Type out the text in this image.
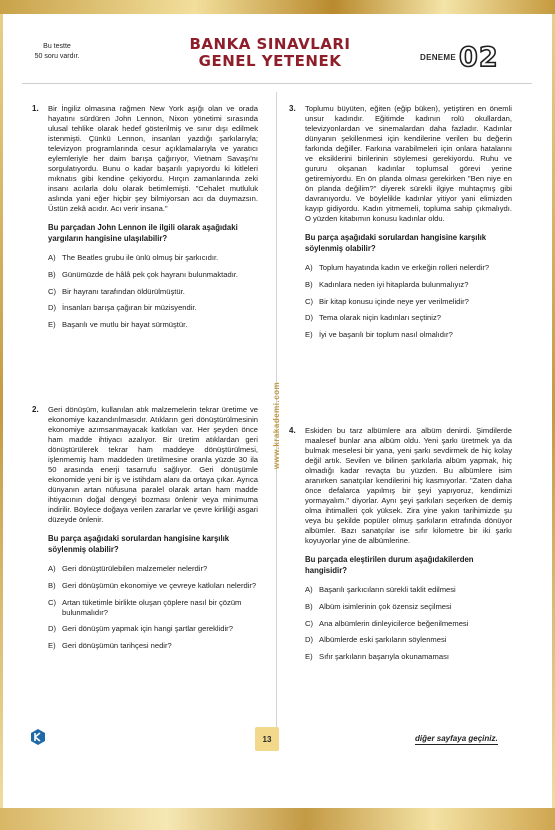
Bu testte
50 soru vardır.
BANKA SINAVLARI
GENEL YETENEK	DENEME 02
www.krakademi.com
1. Bir İngiliz olmasına rağmen New York aşığı olan ve orada hayatını sürdüren John Lennon, Nixon yönetimi sırasında ulusal tehlike olarak hedef gösterilmiş ve sınır dışı edilmek istenmişti. Çünkü Lennon, insanları yazdığı şarkılarıyla; televizyon programlarında cesur açıklamalarıyla ve yaratıcı eylemleriyle her daim barışa çağırıyor, Vietnam Savaşı'nı sorgulatıyordu. Bunu o kadar başarılı yapıyordu ki kitleleri mıknatıs gibi kendine çekiyordu. Hırçın zamanlarında zeki insanı acılarla dolu olarak betimlemişti. "Cehalet mutluluk aslında yani eğer hiçbir şey bilmiyorsan acı da duymazsın. Üstün zekâ acıdır. Acı verir insana."
Bu parçadan John Lennon ile ilgili olarak aşağıdaki yargıların hangisine ulaşılabilir?
A) The Beatles grubu ile ünlü olmuş bir şarkıcıdır.
B) Günümüzde de hâlâ pek çok hayranı bulunmaktadır.
C) Bir hayranı tarafından öldürülmüştür.
D) İnsanları barışa çağıran bir müzisyendir.
E) Başarılı ve mutlu bir hayat sürmüştür.
2. Geri dönüşüm, kullanılan atık malzemelerin tekrar üretime ve ekonomiye kazandırılmasıdır. Atıkların geri dönüştürülmesinin ekonomiye azımsanmayacak katkıları var. Her şeyden önce ham madde ihtiyacı azalıyor. Bir üretim atıklardan geri dönüştürülerek tekrar ham maddeye dönüştürülmesi, işlenmemiş ham maddeden üretilmesine oranla yüzde 30 ila 50 arasında enerji tasarrufu sağlıyor. Geri dönüşümle ekonomide yeni bir iş ve istihdam alanı da ortaya çıkar. Ayrıca dünyanın artan nüfusuna paralel olarak artan ham madde ihtiyacının doğal dengeyi bozması önlenir veya minimuma indirilir. Böylece doğaya verilen zararlar ve çevre kirliliği asgari düzeyde önlenir.
Bu parça aşağıdaki sorulardan hangisine karşılık söylenmiş olabilir?
A) Geri dönüştürülebilen malzemeler nelerdir?
B) Geri dönüşümün ekonomiye ve çevreye katkıları nelerdir?
C) Artan tüketimle birlikte oluşan çöplere nasıl bir çözüm bulunmalıdır?
D) Geri dönüşüm yapmak için hangi şartlar gereklidir?
E) Geri dönüşümün tarihçesi nedir?
3. Toplumu büyüten, eğiten (eğip büken), yetiştiren en önemli unsur kadındır. Eğitimde kadının rolü okullardan, televizyonlardan ve sinemalardan daha fazladır. Kadınlar dünyanın şekillenmesi için kendilerine verilen bu değerin farkında değiller. Farkına varabilmeleri için onlara hatalarını ve eksiklerini birilerinin söylemesi gerekiyordu. Ruhu ve gururu okşanan kadınlar toplumsal görevi yerine getiremiyordu. En ön planda olması gerekirken "Ben niye en ön planda değilim?" diyerek sürekli ilgiye muhtaçmış gibi davranıyordu. Ve böylelikle kadınlar yitiyor yani elimizden kayıp gidiyordu. Kadın yitmemeli, topluma sahip çıkmalıydı. O yüzden kitabımın konusu kadınlar oldu.
Bu parça aşağıdaki sorulardan hangisine karşılık söylenmiş olabilir?
A) Toplum hayatında kadın ve erkeğin rolleri nelerdir?
B) Kadınlara neden iyi hitaplarda bulunmalıyız?
C) Bir kitap konusu içinde neye yer verilmelidir?
D) Tema olarak niçin kadınları seçtiniz?
E) İyi ve başarılı bir toplum nasıl olmalıdır?
4. Eskiden bu tarz albümlere ara albüm denirdi. Şimdilerde maalesef bunlar ana albüm oldu. Yeni şarkı üretmek ya da bulmak meselesi bir yana, yeni şarkı sevdirmek de hiç kolay değil artık. Sevilen ve bilinen şarkılarla albüm yapmak, hiç olmadığı kadar revaçta bu yüzden. Bu albümlere isim aranırken sanatçılar kendilerini hiç kasmıyorlar. "Zaten daha önce defalarca yapılmış bir şeyi yapıyoruz, kendimizi yormayalım." diyorlar. Aynı şeyi şarkıları seçerken de demiş olma ihtimalleri çok yüksek. Zira yine yakın tarihimizde şu veya bu şekilde popüler olmuş şarkıların etrafında dönüyor albümler. Bazı sanatçılar ise sıfır kilometre bir iki şarkı koyuyorlar yine de albümlerine.
Bu parçada eleştirilen durum aşağıdakilerden hangisidir?
A) Başarılı şarkıcıların sürekli taklit edilmesi
B) Albüm isimlerinin çok özensiz seçilmesi
C) Ana albümlerin dinleyicilerce beğenilmemesi
D) Albümlerde eski şarkıların söylenmesi
E) Sıfır şarkıların başarıyla okunamaması
13	diğer sayfaya geçiniz.
